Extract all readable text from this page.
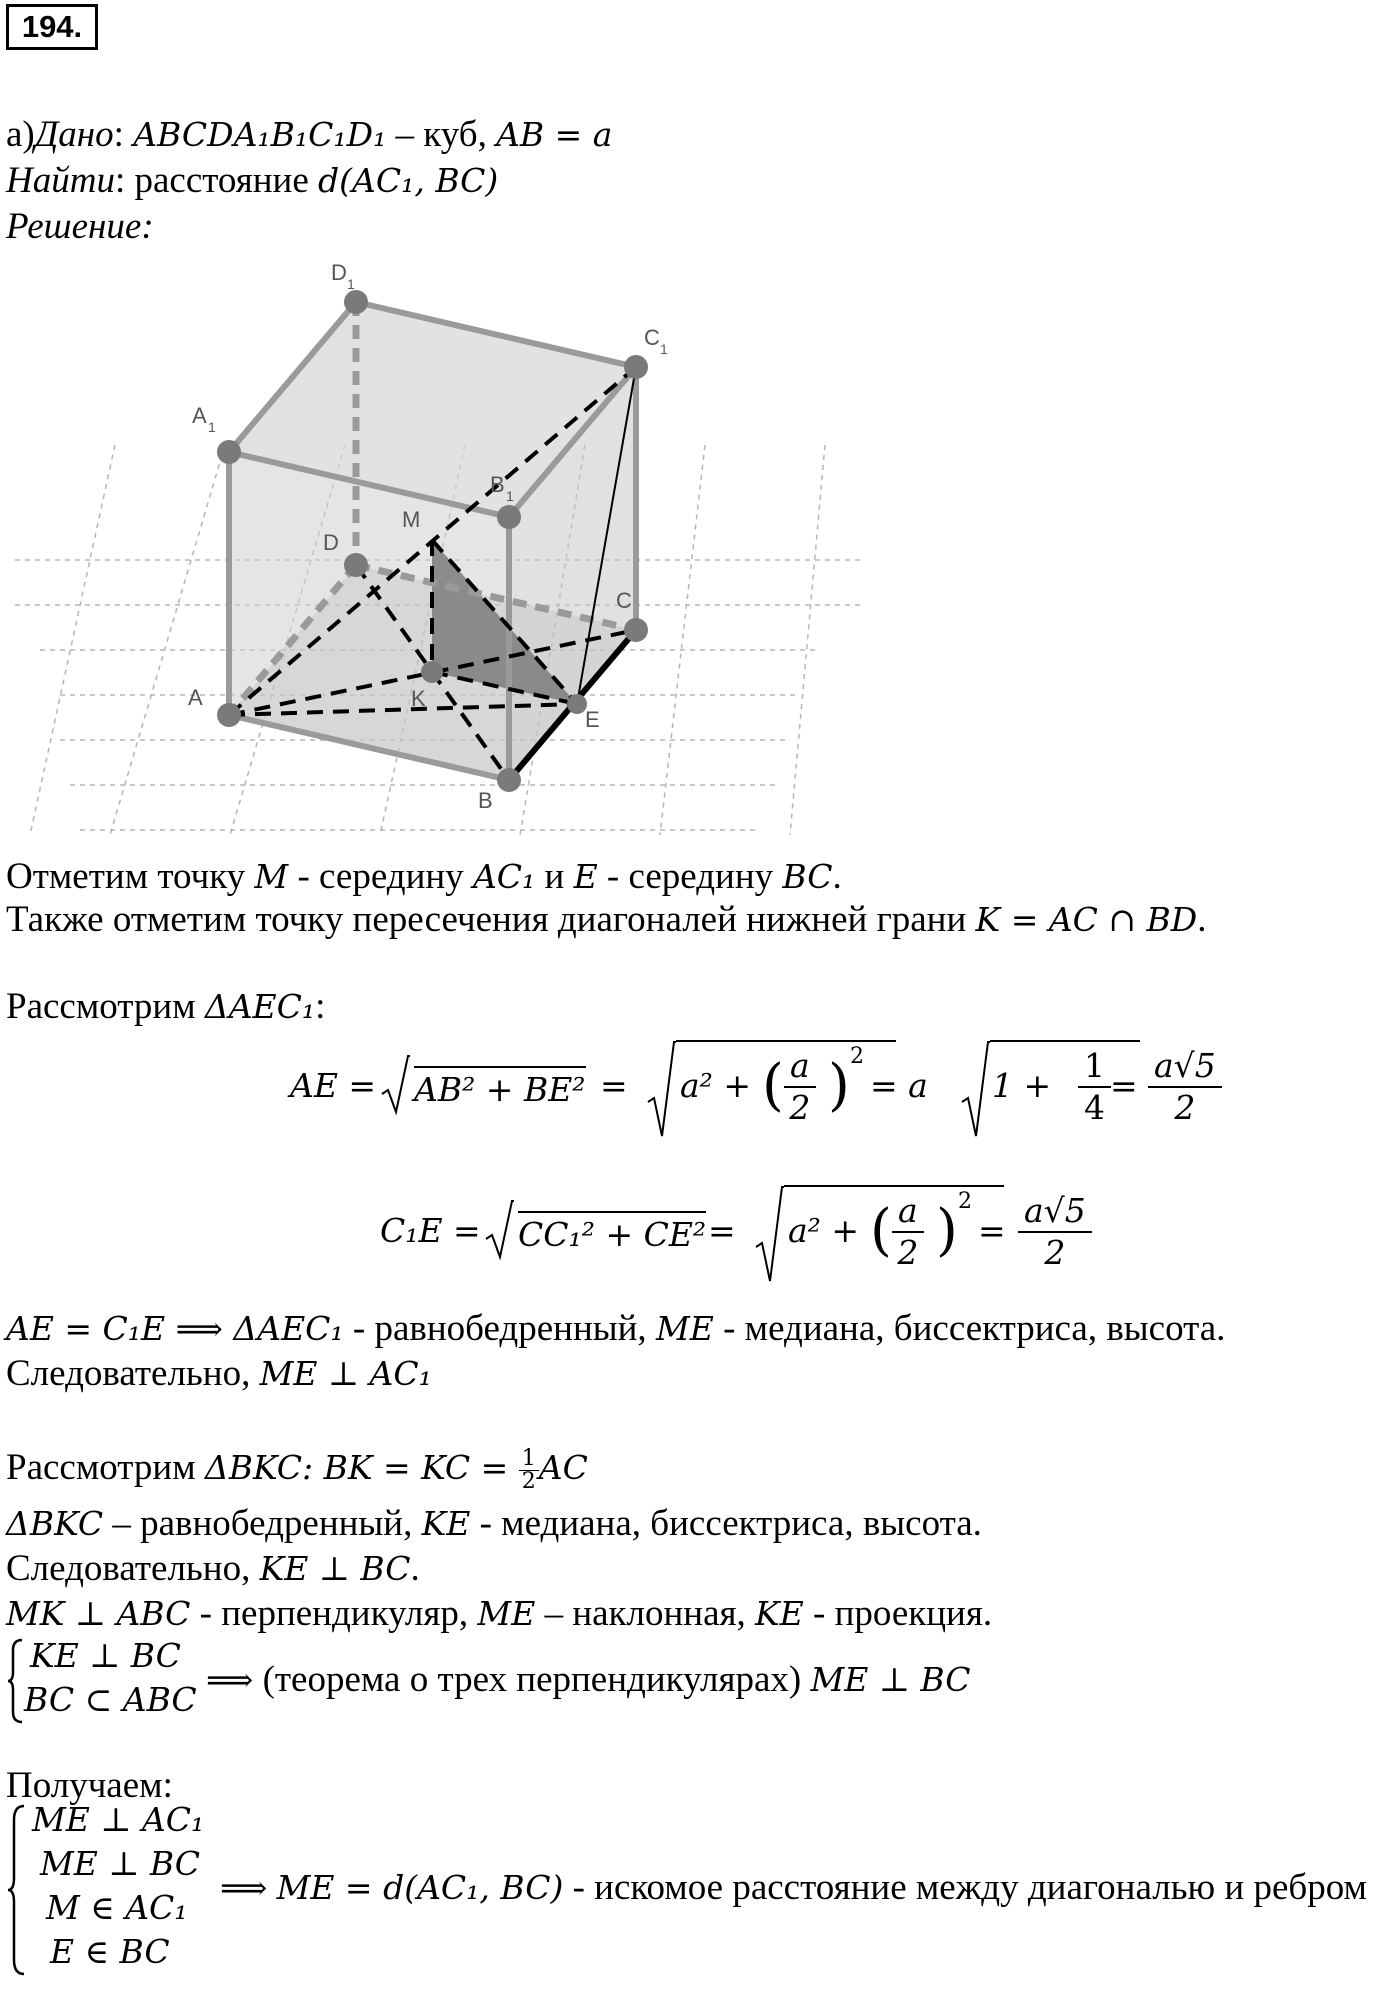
194.
а)Дано: ABCDA₁B₁C₁D₁ – куб, AB = a
Найти: расстояние d(AC₁, BC)
Решение:
A
B
C
D
A 1
B 1
C 1
D 1
M
K
E
Отметим точку M - середину AC₁ и E - середину BC.
Также отметим точку пересечения диагоналей нижней грани K = AC ∩ BD.
Рассмотрим ΔAEC₁:
AE = AB² + BE² = a² + ( $\frac{a}{2}$ ) 2
= a $1 + \frac{1}{4} = \frac{a√5}{2}$
C₁E = CC₁² + CE² = a² + ( $\frac{a}{2}$ ) 2
= $\frac{a√5}{2}$
AE = C₁E ⟹ ΔAEC₁ - равнобедренный, ME - медиана, биссектриса, высота.
Следовательно, ME ⊥ AC₁
Рассмотрим ΔBKC: BK = KC = $\frac{1}{2}$ AC
ΔBKC – равнобедренный, KE - медиана, биссектриса, высота.
Следовательно, KE ⊥ BC.
MK ⊥ ABC - перпендикуляр, ME – наклонная, KE - проекция.
KE ⊥ BC
BC ⊂ ABC
⟹ (теорема о трех перпендикулярах) ME ⊥ BC
Получаем:
ME ⊥ AC₁
ME ⊥ BC
M ∈ AC₁
E ∈ BC
⟹ ME = d(AC₁, BC) - искомое расстояние между диагональю и ребром
